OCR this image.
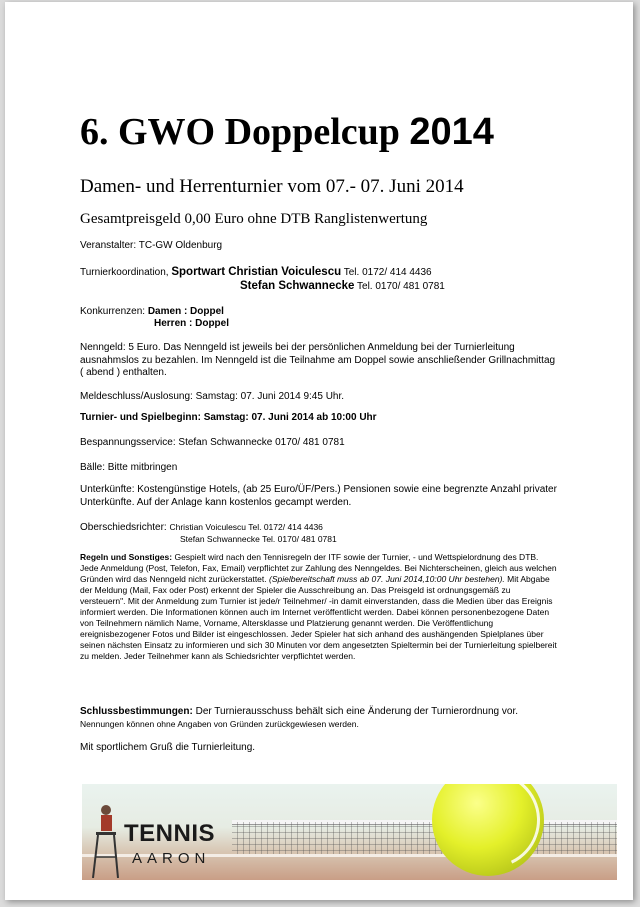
6. GWO Doppelcup 2014
Damen- und Herrenturnier vom 07.- 07. Juni 2014
Gesamtpreisgeld 0,00 Euro ohne DTB Ranglistenwertung
Veranstalter: TC-GW Oldenburg
Turnierkoordination, Sportwart Christian Voiculescu Tel. 0172/ 414 4436
Stefan Schwannecke Tel. 0170/ 481 0781
Konkurrenzen: Damen : Doppel
Herren : Doppel
Nenngeld: 5 Euro. Das Nenngeld ist jeweils bei der persönlichen Anmeldung bei der Turnierleitung ausnahmslos zu bezahlen. Im Nenngeld ist die Teilnahme am Doppel sowie anschließender Grillnachmittag ( abend ) enthalten.
Meldeschluss/Auslosung: Samstag: 07. Juni 2014 9:45 Uhr.
Turnier- und Spielbeginn: Samstag: 07. Juni 2014 ab 10:00 Uhr
Bespannungsservice: Stefan Schwannecke 0170/ 481 0781
Bälle: Bitte mitbringen
Unterkünfte: Kostengünstige Hotels, (ab 25 Euro/ÜF/Pers.) Pensionen sowie eine begrenzte Anzahl privater Unterkünfte. Auf der Anlage kann kostenlos gecampt werden.
Oberschiedsrichter: Christian Voiculescu Tel. 0172/ 414 4436
Stefan Schwannecke Tel. 0170/ 481 0781
Regeln und Sonstiges: Gespielt wird nach den Tennisregeln der ITF sowie der Turnier, - und Wettspielordnung des DTB. Jede Anmeldung (Post, Telefon, Fax, Email) verpflichtet zur Zahlung des Nenngeldes. Bei Nichterscheinen, gleich aus welchen Gründen wird das Nenngeld nicht zurückerstattet. (Spielbereitschaft muss ab 07. Juni 2014,10:00 Uhr bestehen). Mit Abgabe der Meldung (Mail, Fax oder Post) erkennt der Spieler die Ausschreibung an. Das Preisgeld ist ordnungsgemäß zu versteuern". Mit der Anmeldung zum Turnier ist jede/r Teilnehmer/ -in damit einverstanden, dass die Medien über das Ereignis informiert werden. Die Informationen können auch im Internet veröffentlicht werden. Dabei können personenbezogene Daten von Teilnehmern nämlich Name, Vorname, Altersklasse und Platzierung genannt werden. Die Veröffentlichung ereignisbezogener Fotos und Bilder ist eingeschlossen. Jeder Spieler hat sich anhand des aushängenden Spielplanes über seinen nächsten Einsatz zu informieren und sich 30 Minuten vor dem angesetzten Spieltermin bei der Turnierleitung spielbereit zu melden. Jeder Teilnehmer kann als Schiedsrichter verpflichtet werden.
Schlussbestimmungen: Der Turnierausschuss behält sich eine Änderung der Turnierordnung vor.
Nennungen können ohne Angaben von Gründen zurückgewiesen werden.
Mit sportlichem Gruß die Turnierleitung.
TENNIS
AARON
